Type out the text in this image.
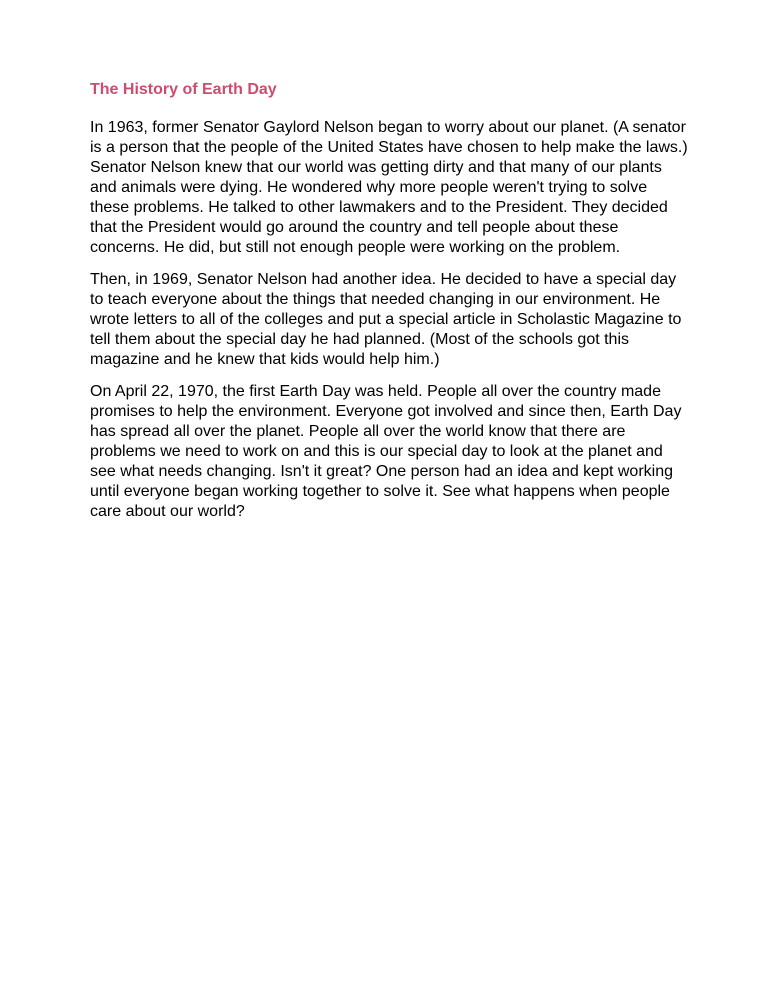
The History of Earth Day

In 1963, former Senator Gaylord Nelson began to worry about our planet. (A senator is a person that the people of the United States have chosen to help make the laws.) Senator Nelson knew that our world was getting dirty and that many of our plants and animals were dying. He wondered why more people weren't trying to solve these problems. He talked to other lawmakers and to the President. They decided that the President would go around the country and tell people about these concerns. He did, but still not enough people were working on the problem.

Then, in 1969, Senator Nelson had another idea. He decided to have a special day to teach everyone about the things that needed changing in our environment. He wrote letters to all of the colleges and put a special article in Scholastic Magazine to tell them about the special day he had planned. (Most of the schools got this magazine and he knew that kids would help him.)

On April 22, 1970, the first Earth Day was held. People all over the country made promises to help the environment. Everyone got involved and since then, Earth Day has spread all over the planet. People all over the world know that there are problems we need to work on and this is our special day to look at the planet and see what needs changing. Isn't it great? One person had an idea and kept working until everyone began working together to solve it. See what happens when people care about our world?
